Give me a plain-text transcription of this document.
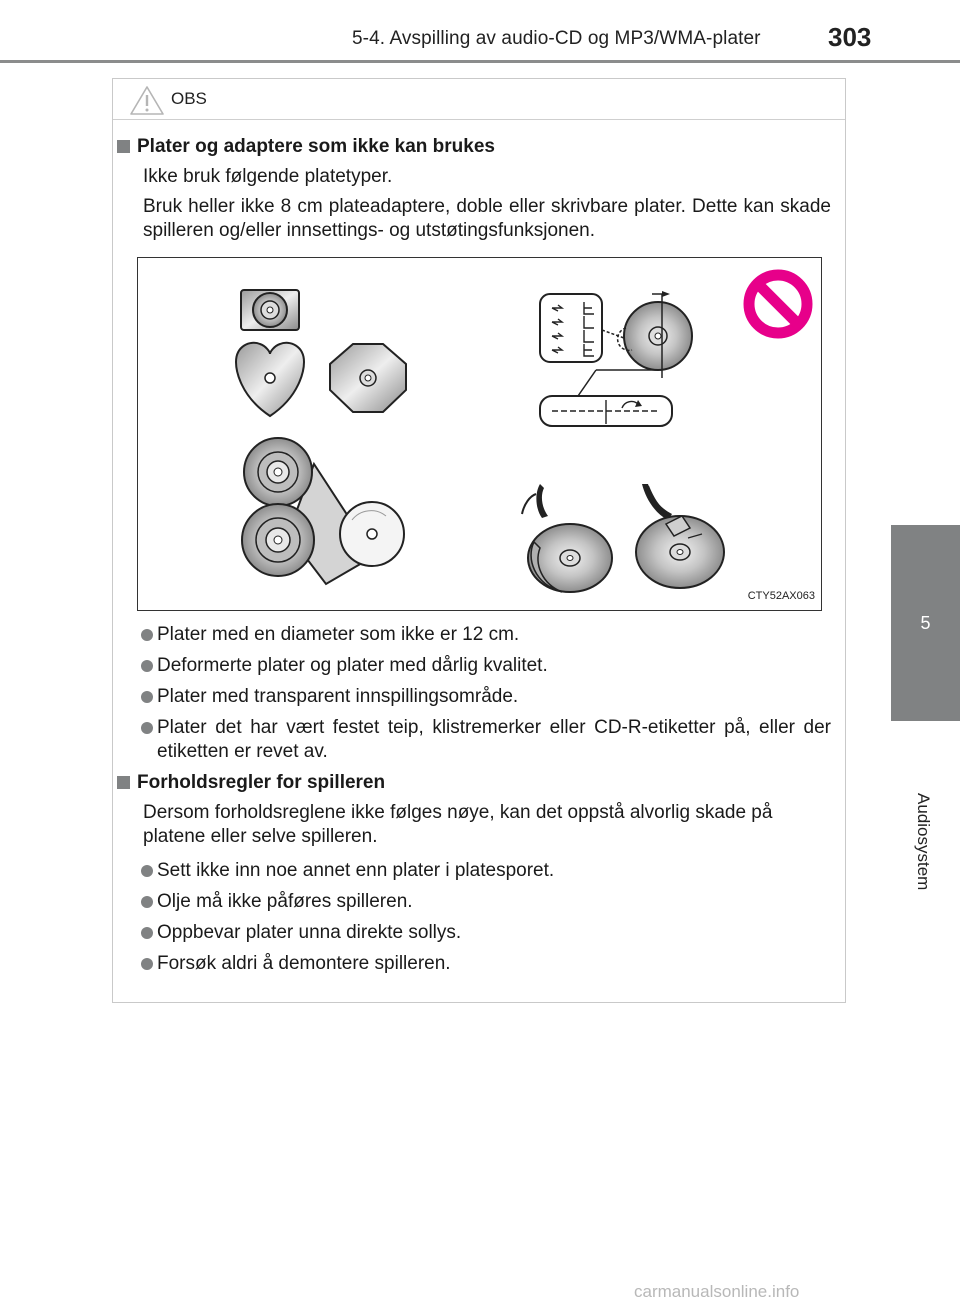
5-4. Avspilling av audio-CD og MP3/WMA-plater	303
5
Audiosystem
OBS
Plater og adaptere som ikke kan brukes

Ikke bruk følgende platetyper.

Bruk heller ikke 8 cm plateadaptere, doble eller skrivbare plater. Dette kan skade spilleren og/eller innsettings- og utstøtingsfunksjonen.

CTY52AX063
Plater med en diameter som ikke er 12 cm.
Deformerte plater og plater med dårlig kvalitet.
Plater med transparent innspillingsområde.
Plater det har vært festet teip, klistremerker eller CD-R-etiketter på, eller der etiketten er revet av.
Forholdsregler for spilleren

Dersom forholdsreglene ikke følges nøye, kan det oppstå alvorlig skade på platene eller selve spilleren.

Sett ikke inn noe annet enn plater i platesporet.
Olje må ikke påføres spilleren.
Oppbevar plater unna direkte sollys.
Forsøk aldri å demontere spilleren.
carmanualsonline.info
